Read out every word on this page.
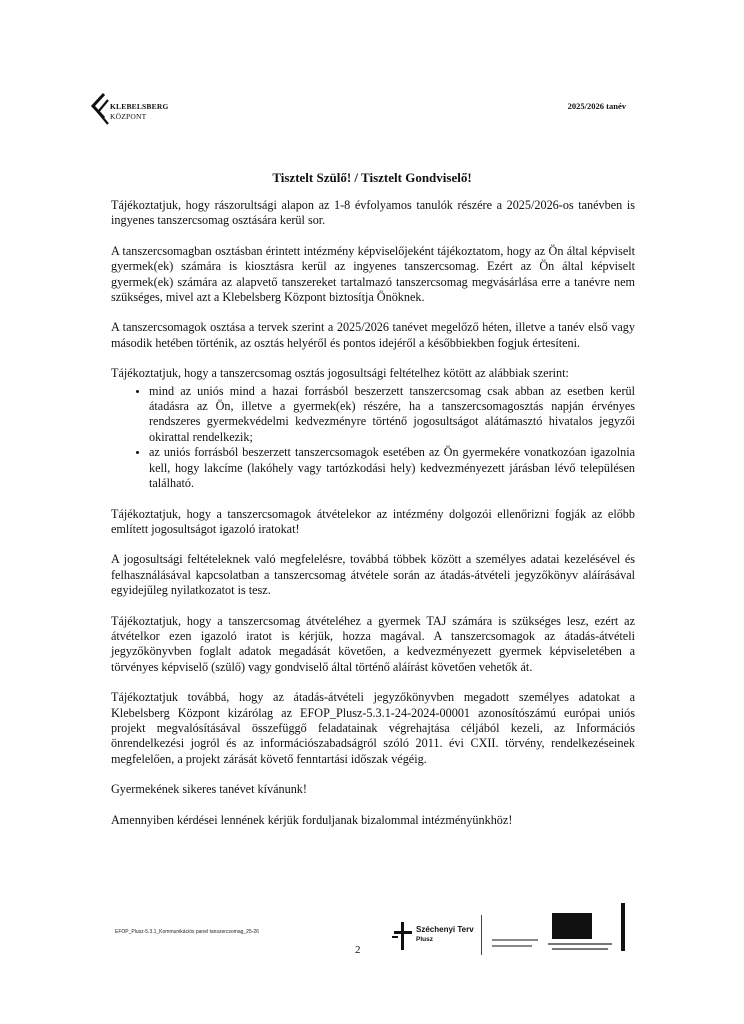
KLEBELSBERG
KÖZPONT
2025/2026 tanév
Tisztelt Szülő! / Tisztelt Gondviselő!

Tájékoztatjuk, hogy rászorultsági alapon az 1-8 évfolyamos tanulók részére a 2025/2026-os tanévben is ingyenes tanszercsomag osztására kerül sor.

A tanszercsomagban osztásban érintett intézmény képviselőjeként tájékoztatom, hogy az Ön által képviselt gyermek(ek) számára is kiosztásra kerül az ingyenes tanszercsomag. Ezért az Ön által képviselt gyermek(ek) számára az alapvető tanszereket tartalmazó tanszercsomag megvásárlása erre a tanévre nem szükséges, mivel azt a Klebelsberg Központ biztosítja Önöknek.

A tanszercsomagok osztása a tervek szerint a 2025/2026 tanévet megelőző héten, illetve a tanév első vagy második hetében történik, az osztás helyéről és pontos idejéről a későbbiekben fogjuk értesíteni.

Tájékoztatjuk, hogy a tanszercsomag osztás jogosultsági feltételhez kötött az alábbiak szerint:

• mind az uniós mind a hazai forrásból beszerzett tanszercsomag csak abban az esetben kerül átadásra az Ön, illetve a gyermek(ek) részére, ha a tanszercsomagosztás napján érvényes rendszeres gyermekvédelmi kedvezményre történő jogosultságot alátámasztó hivatalos jegyzői okirattal rendelkezik;
• az uniós forrásból beszerzett tanszercsomagok esetében az Ön gyermekére vonatkozóan igazolnia kell, hogy lakcíme (lakóhely vagy tartózkodási hely) kedvezményezett járásban lévő településen található.

Tájékoztatjuk, hogy a tanszercsomagok átvételekor az intézmény dolgozói ellenőrizni fogják az előbb említett jogosultságot igazoló iratokat!

A jogosultsági feltételeknek való megfelelésre, továbbá többek között a személyes adatai kezelésével és felhasználásával kapcsolatban a tanszercsomag átvétele során az átadás-átvételi jegyzőkönyv aláírásával egyidejűleg nyilatkozatot is tesz.

Tájékoztatjuk, hogy a tanszercsomag átvételéhez a gyermek TAJ számára is szükséges lesz, ezért az átvételkor ezen igazoló iratot is kérjük, hozza magával. A tanszercsomagok az átadás-átvételi jegyzőkönyvben foglalt adatok megadását követően, a kedvezményezett gyermek képviseletében a törvényes képviselő (szülő) vagy gondviselő által történő aláírást követően vehetők át.

Tájékoztatjuk továbbá, hogy az átadás-átvételi jegyzőkönyvben megadott személyes adatokat a Klebelsberg Központ kizárólag az EFOP_Plusz-5.3.1-24-2024-00001 azonosítószámú európai uniós projekt megvalósításával összefüggő feladatainak végrehajtása céljából kezeli, az Információs önrendelkezési jogról és az információszabadságról szóló 2011. évi CXII. törvény, rendelkezéseinek megfelelően, a projekt zárását követő fenntartási időszak végéig.

Gyermekének sikeres tanévet kívánunk!

Amennyiben kérdései lennének kérjük forduljanak bizalommal intézményünkhöz!

EFOP_Plusz-5.3.1_Kommunikációs panel tanszercsomag_25-26
2
Széchenyi Terv
Plusz
